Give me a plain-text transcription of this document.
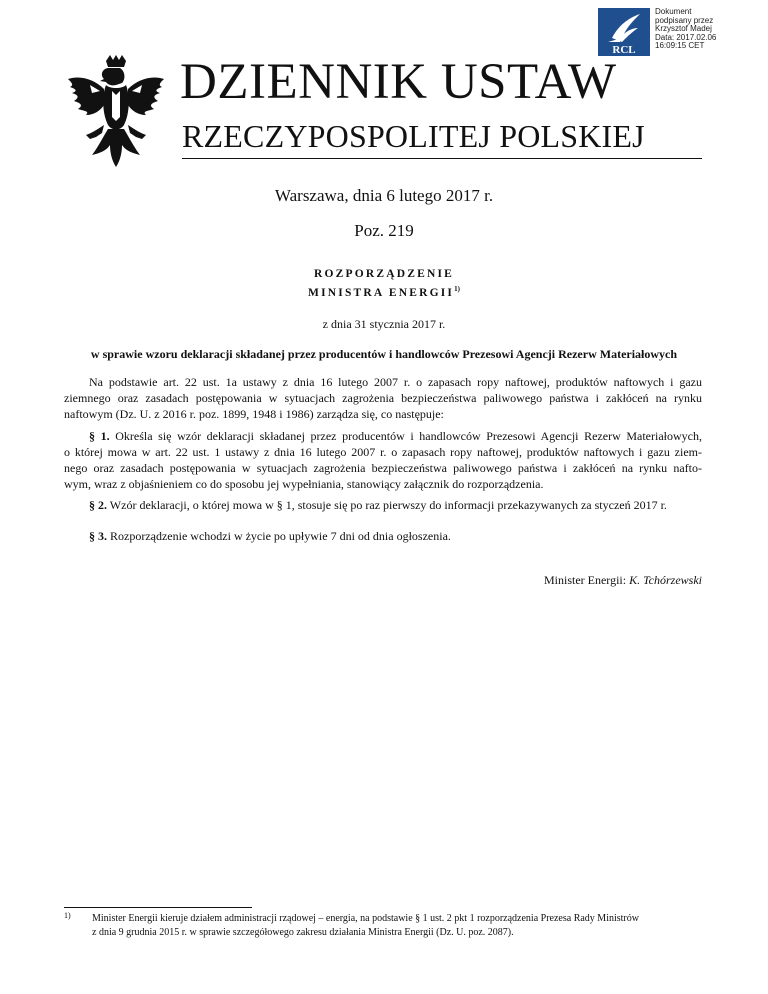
RCL
Dokument
podpisany przez
Krzysztof Madej
Data: 2017.02.06
16:09:15 CET
DZIENNIK USTAW
RZECZYPOSPOLITEJ POLSKIEJ
Warszawa, dnia 6 lutego 2017 r.
Poz. 219
ROZPORZĄDZENIE
MINISTRA ENERGII$^{1)}$
z dnia 31 stycznia 2017 r.
w sprawie wzoru deklaracji składanej przez producentów i handlowców Prezesowi Agencji Rezerw Materiałowych
Na podstawie art. 22 ust. 1a ustawy z dnia 16 lutego 2007 r. o zapasach ropy naftowej, produktów naftowych i gazu
ziemnego oraz zasadach postępowania w sytuacjach zagrożenia bezpieczeństwa paliwowego państwa i zakłóceń na rynku
naftowym (Dz. U. z 2016 r. poz. 1899, 1948 i 1986) zarządza się, co następuje:
§ 1. Określa się wzór deklaracji składanej przez producentów i handlowców Prezesowi Agencji Rezerw Materiałowych,
o której mowa w art. 22 ust. 1 ustawy z dnia 16 lutego 2007 r. o zapasach ropy naftowej, produktów naftowych i gazu ziem-
nego oraz zasadach postępowania w sytuacjach zagrożenia bezpieczeństwa paliwowego państwa i zakłóceń na rynku nafto-
wym, wraz z objaśnieniem co do sposobu jej wypełniania, stanowiący załącznik do rozporządzenia.
§ 2. Wzór deklaracji, o której mowa w § 1, stosuje się po raz pierwszy do informacji przekazywanych za styczeń 2017 r.
§ 3. Rozporządzenie wchodzi w życie po upływie 7 dni od dnia ogłoszenia.
Minister Energii: K. Tchórzewski
1) Minister Energii kieruje działem administracji rządowej – energia, na podstawie § 1 ust. 2 pkt 1 rozporządzenia Prezesa Rady Ministrów
z dnia 9 grudnia 2015 r. w sprawie szczegółowego zakresu działania Ministra Energii (Dz. U. poz. 2087).
